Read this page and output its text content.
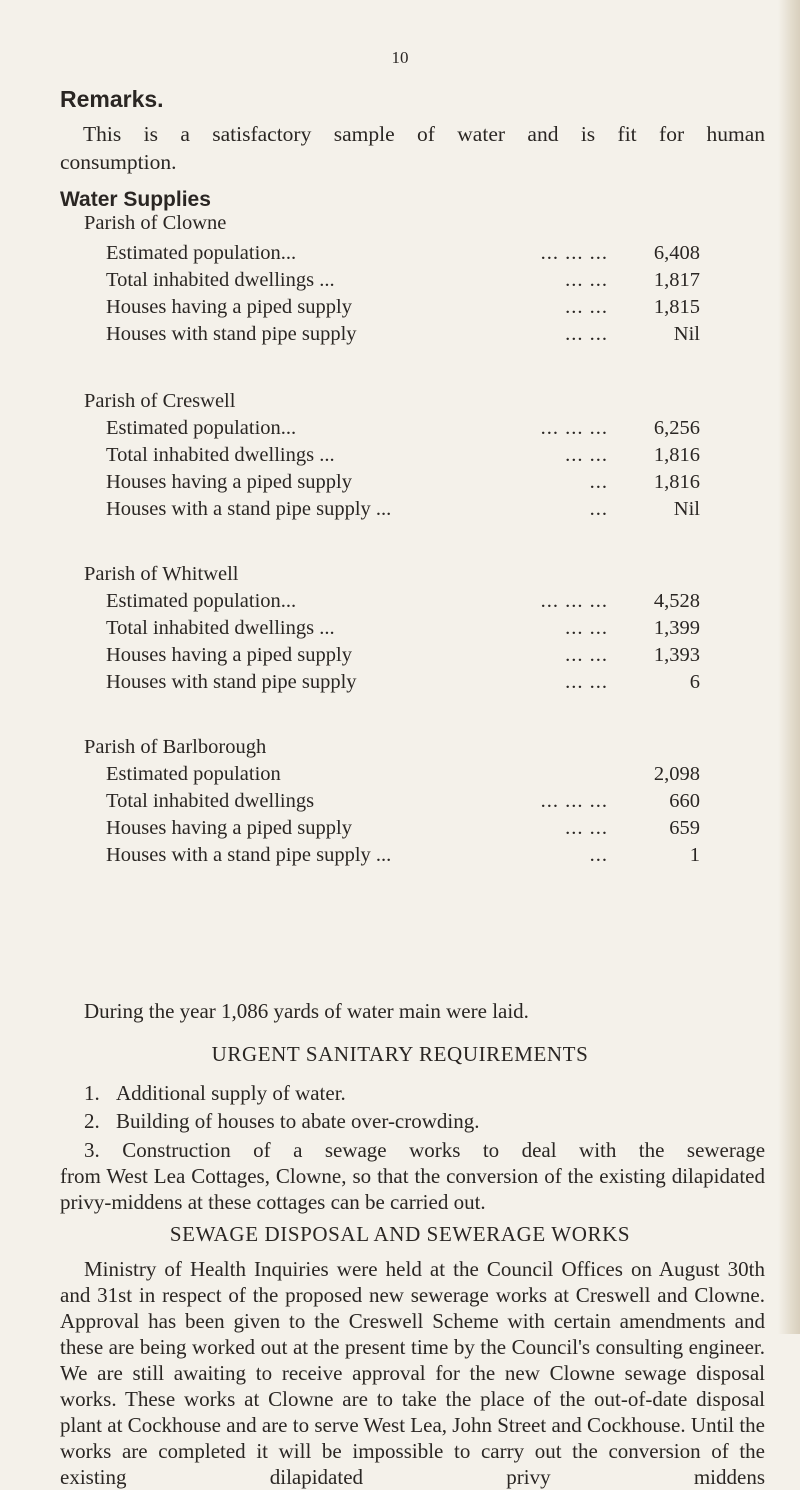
10
Remarks.
This is a satisfactory sample of water and is fit for human
consumption.
Water Supplies
Parish of Clowne
Estimated population...	... ... ... 6,408
Total inhabited dwellings ...	... ... 1,817
Houses having a piped supply	... ... 1,815
Houses with stand pipe supply	... ...	Nil
Parish of Creswell
Estimated population...	... ... ... 6,256
Total inhabited dwellings ...	... ... 1,816
Houses having a piped supply	... 1,816
Houses with a stand pipe supply ...	...	Nil
Parish of Whitwell
Estimated population...	... ... ... 4,528
Total inhabited dwellings ...	... ... 1,399
Houses having a piped supply	... ... 1,393
Houses with stand pipe supply	... ...	6
Parish of Barlborough
Estimated population	2,098
Total inhabited dwellings	... ... ...	660
Houses having a piped supply	... ...	659
Houses with a stand pipe supply ...	...	1
During the year 1,086 yards of water main were laid.
URGENT SANITARY REQUIREMENTS
1. Additional supply of water.
2. Building of houses to abate over-crowding.
3. Construction of a sewage works to deal with the sewerage
from West Lea Cottages, Clowne, so that the conversion of the existing dilapidated privy-middens at these cottages can be carried out.
SEWAGE DISPOSAL AND SEWERAGE WORKS
Ministry of Health Inquiries were held at the Council Offices on August 30th and 31st in respect of the proposed new sewerage works at Creswell and Clowne. Approval has been given to the Creswell Scheme with certain amendments and these are being worked out at the present time by the Council's consulting engineer. We are still awaiting to receive approval for the new Clowne sewage disposal works. These works at Clowne are to take the place of the out-of-date disposal plant at Cockhouse and are to serve West Lea, John Street and Cockhouse. Until the works are completed it will be impossible to carry out the conversion of the existing dilapidated privy middens
